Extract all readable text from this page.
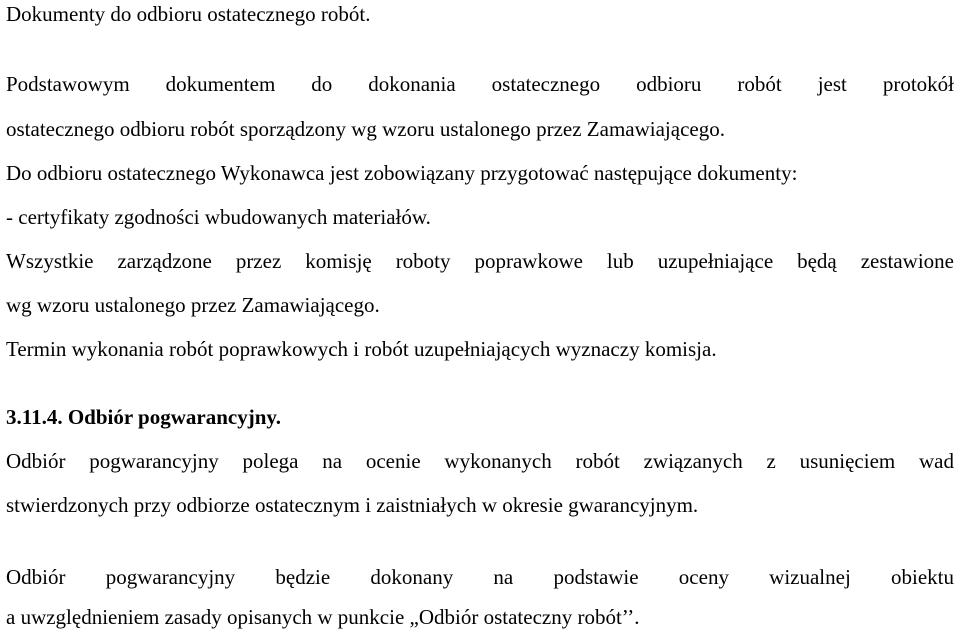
Dokumenty do odbioru ostatecznego robót.
Podstawowym dokumentem do dokonania ostatecznego odbioru robót jest protokół
ostatecznego odbioru robót sporządzony wg wzoru ustalonego przez Zamawiającego.
Do odbioru ostatecznego Wykonawca jest zobowiązany przygotować następujące dokumenty:
- certyfikaty zgodności wbudowanych materiałów.
Wszystkie zarządzone przez komisję roboty poprawkowe lub uzupełniające będą zestawione
wg wzoru ustalonego przez Zamawiającego.
Termin wykonania robót poprawkowych i robót uzupełniających wyznaczy komisja.
3.11.4. Odbiór pogwarancyjny.
Odbiór pogwarancyjny polega na ocenie wykonanych robót związanych z usunięciem wad
stwierdzonych przy odbiorze ostatecznym i zaistniałych w okresie gwarancyjnym.
Odbiór pogwarancyjny będzie dokonany na podstawie oceny wizualnej obiektu
a uwzględnieniem zasady opisanych w punkcie „Odbiór ostateczny robót’’.
